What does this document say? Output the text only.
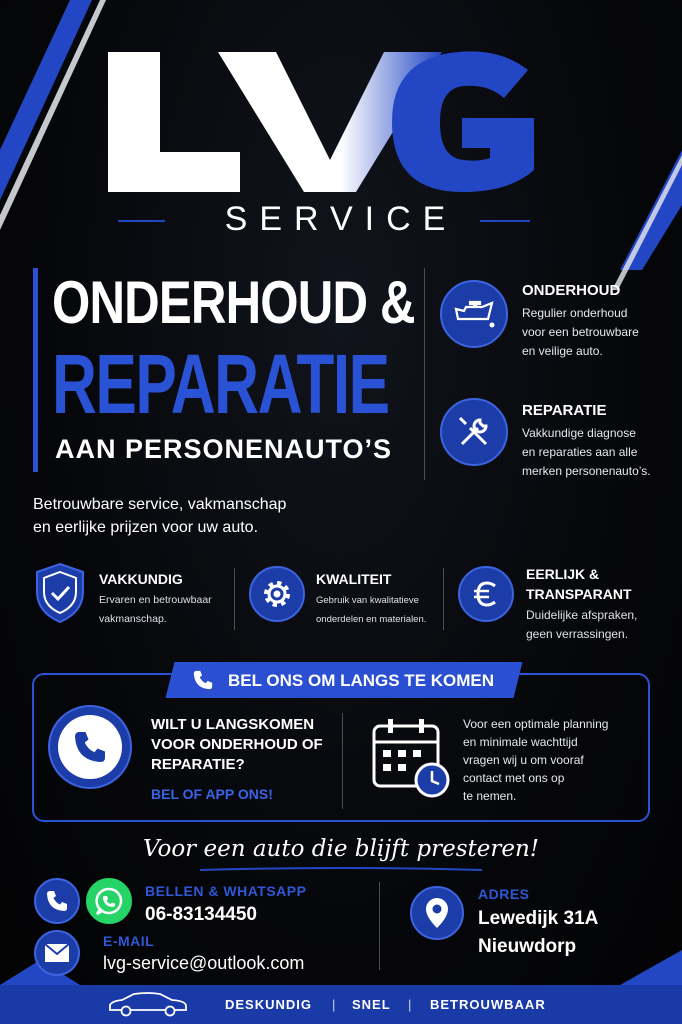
SERVICE
ONDERHOUD &
REPARATIE
AAN PERSONENAUTO’S
ONDERHOUD
Regulier onderhoud
voor een betrouwbare
en veilige auto.
REPARATIE
Vakkundige diagnose
en reparaties aan alle
merken personenauto’s.
Betrouwbare service, vakmanschap
en eerlijke prijzen voor uw auto.
VAKKUNDIG
Ervaren en betrouwbaar
vakmanschap.
KWALITEIT
Gebruik van kwalitatieve
onderdelen en materialen.
EERLIJK &
TRANSPARANT
Duidelijke afspraken,
geen verrassingen.
BEL ONS OM LANGS TE KOMEN
WILT U LANGSKOMEN
VOOR ONDERHOUD OF
REPARATIE?
BEL OF APP ONS!
Voor een optimale planning
en minimale wachttijd
vragen wij u om vooraf
contact met ons op
te nemen.
Voor een auto die blijft presteren!
BELLEN & WHATSAPP
06-83134450
E-MAIL
lvg-service@outlook.com
ADRES
Lewedijk 31A
Nieuwdorp
DESKUNDIG | SNEL | BETROUWBAAR
